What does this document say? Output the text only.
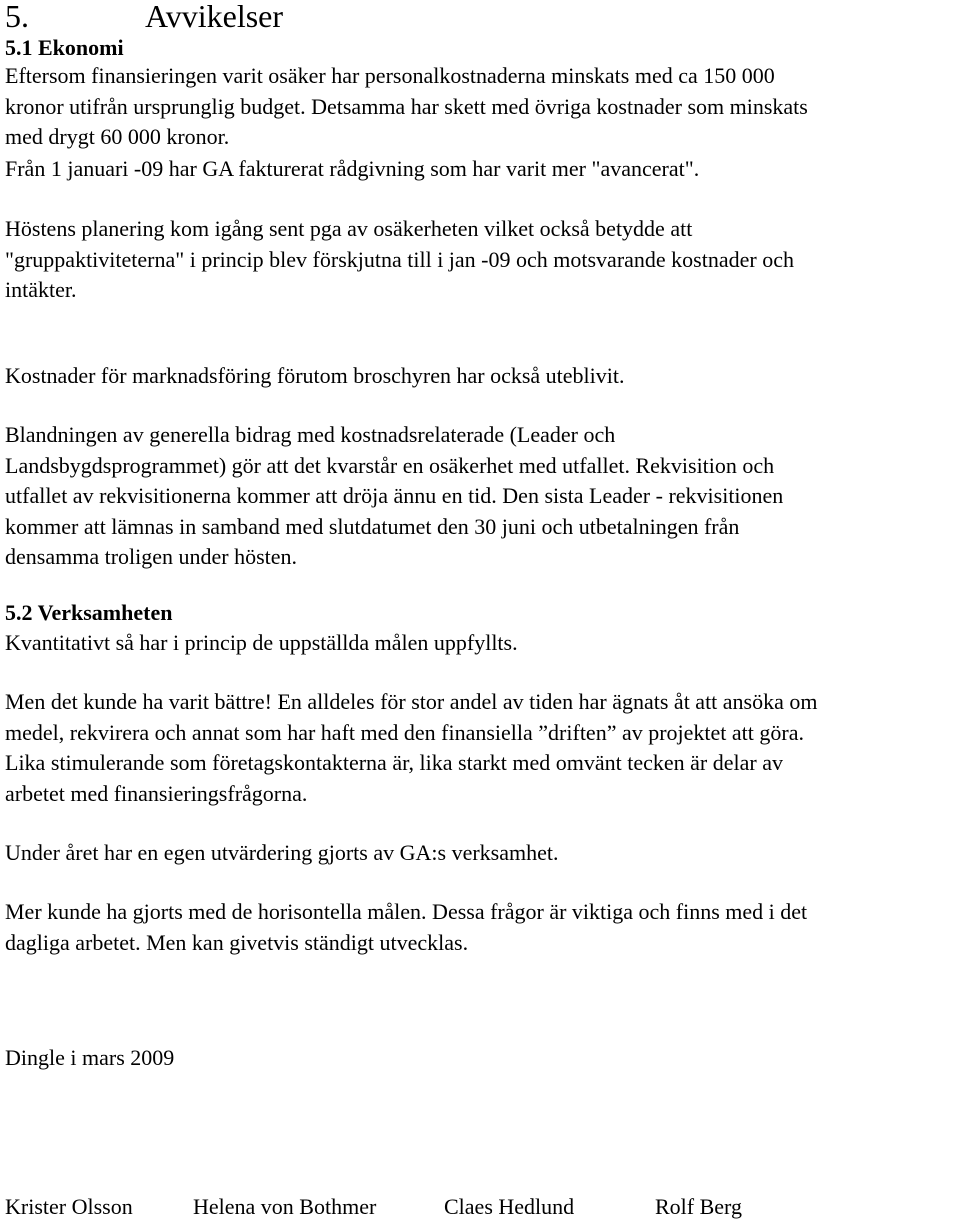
5.	Avvikelser
5.1 Ekonomi

Eftersom finansieringen varit osäker har personalkostnaderna minskats med ca 150 000
kronor utifrån ursprunglig budget. Detsamma har skett med övriga kostnader som minskats
med drygt 60 000 kronor.

Från 1 januari -09 har GA fakturerat rådgivning som har varit mer "avancerat".

Höstens planering kom igång sent pga av osäkerheten vilket också betydde att
"gruppaktiviteterna" i princip blev förskjutna till i jan -09 och motsvarande kostnader och
intäkter.

Kostnader för marknadsföring förutom broschyren har också uteblivit.

Blandningen av generella bidrag med kostnadsrelaterade (Leader och
Landsbygdsprogrammet) gör att det kvarstår en osäkerhet med utfallet. Rekvisition och
utfallet av rekvisitionerna kommer att dröja ännu en tid. Den sista Leader - rekvisitionen
kommer att lämnas in samband med slutdatumet den 30 juni och utbetalningen från
densamma troligen under hösten.

5.2 Verksamheten

Kvantitativt så har i princip de uppställda målen uppfyllts.

Men det kunde ha varit bättre! En alldeles för stor andel av tiden har ägnats åt att ansöka om
medel, rekvirera och annat som har haft med den finansiella ”driften” av projektet att göra.
Lika stimulerande som företagskontakterna är, lika starkt med omvänt tecken är delar av
arbetet med finansieringsfrågorna.

Under året har en egen utvärdering gjorts av GA:s verksamhet.

Mer kunde ha gjorts med de horisontella målen. Dessa frågor är viktiga och finns med i det
dagliga arbetet. Men kan givetvis ständigt utvecklas.

Dingle i mars 2009
Krister Olsson	Helena von Bothmer	Claes Hedlund	Rolf Berg
